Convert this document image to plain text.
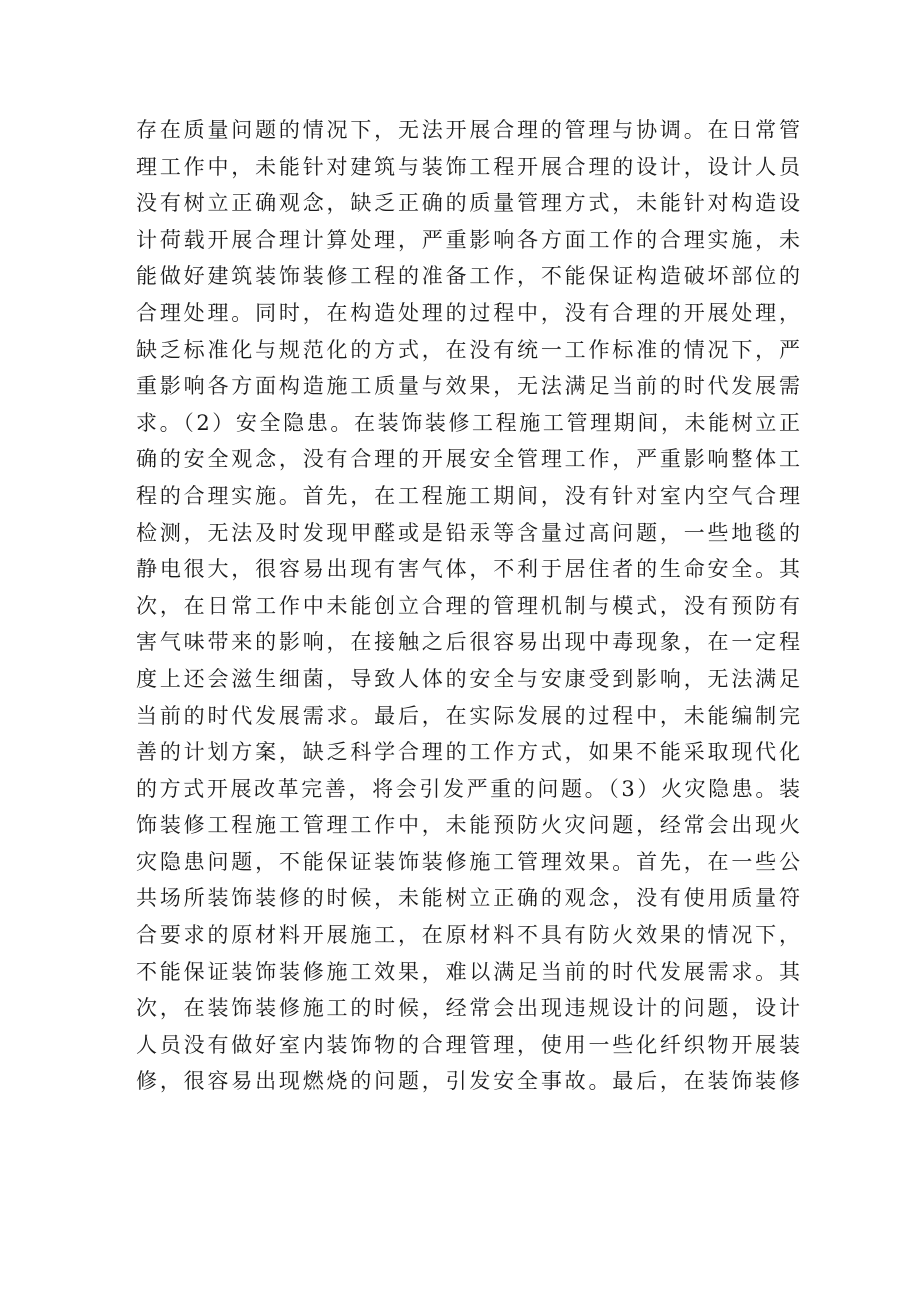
存在质量问题的情况下，无法开展合理的管理与协调。在日常管
理工作中，未能针对建筑与装饰工程开展合理的设计，设计人员
没有树立正确观念，缺乏正确的质量管理方式，未能针对构造设
计荷载开展合理计算处理，严重影响各方面工作的合理实施，未
能做好建筑装饰装修工程的准备工作，不能保证构造破坏部位的
合理处理。同时，在构造处理的过程中，没有合理的开展处理，
缺乏标准化与规范化的方式，在没有统一工作标准的情况下，严
重影响各方面构造施工质量与效果，无法满足当前的时代发展需
求。（2）安全隐患。在装饰装修工程施工管理期间，未能树立正
确的安全观念，没有合理的开展安全管理工作，严重影响整体工
程的合理实施。首先，在工程施工期间，没有针对室内空气合理
检测，无法及时发现甲醛或是铅汞等含量过高问题，一些地毯的
静电很大，很容易出现有害气体，不利于居住者的生命安全。其
次，在日常工作中未能创立合理的管理机制与模式，没有预防有
害气味带来的影响，在接触之后很容易出现中毒现象，在一定程
度上还会滋生细菌，导致人体的安全与安康受到影响，无法满足
当前的时代发展需求。最后，在实际发展的过程中，未能编制完
善的计划方案，缺乏科学合理的工作方式，如果不能采取现代化
的方式开展改革完善，将会引发严重的问题。（3）火灾隐患。装
饰装修工程施工管理工作中，未能预防火灾问题，经常会出现火
灾隐患问题，不能保证装饰装修施工管理效果。首先，在一些公
共场所装饰装修的时候，未能树立正确的观念，没有使用质量符
合要求的原材料开展施工，在原材料不具有防火效果的情况下，
不能保证装饰装修施工效果，难以满足当前的时代发展需求。其
次，在装饰装修施工的时候，经常会出现违规设计的问题，设计
人员没有做好室内装饰物的合理管理，使用一些化纤织物开展装
修，很容易出现燃烧的问题，引发安全事故。最后，在装饰装修
